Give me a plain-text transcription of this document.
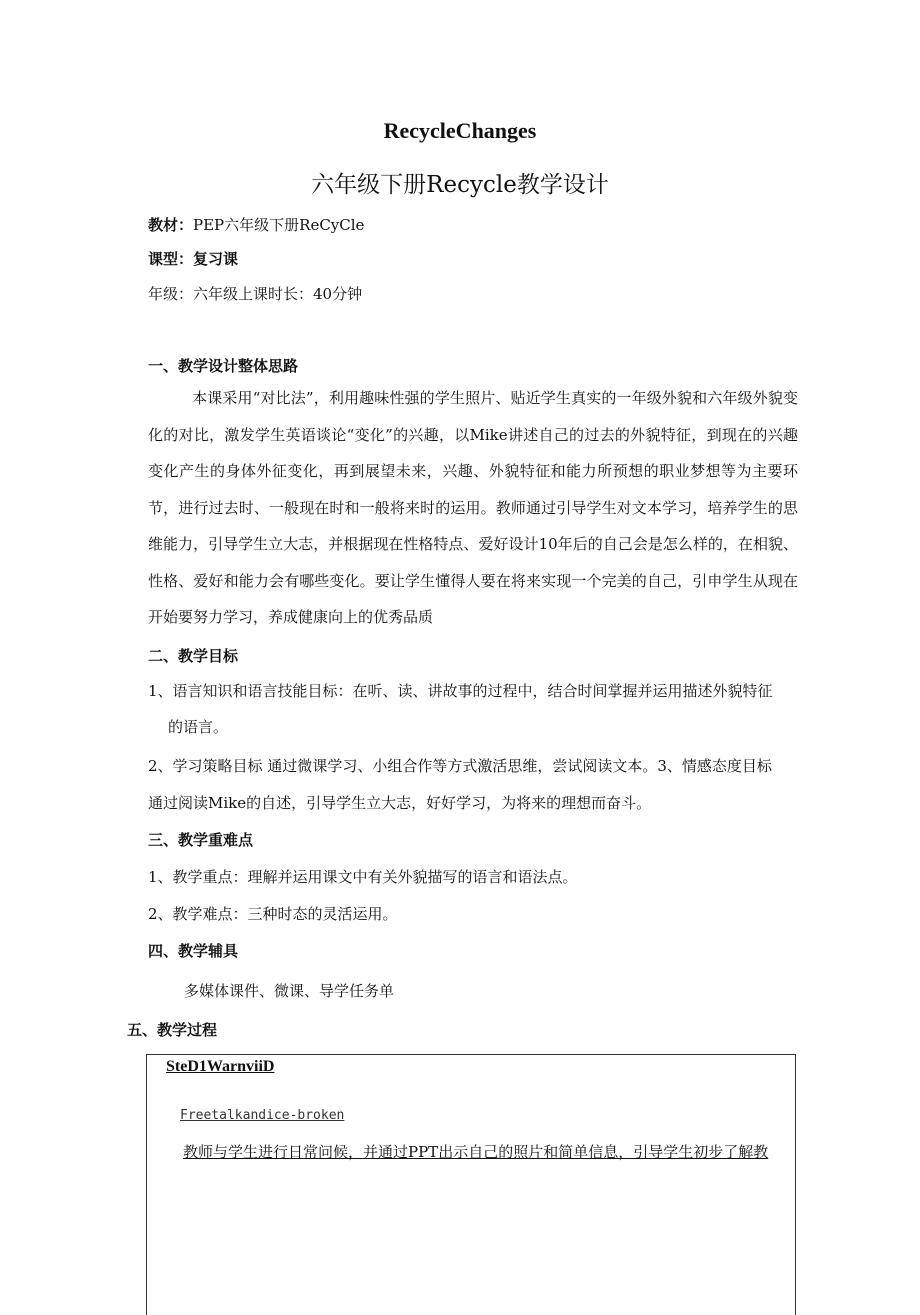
RecycleChanges
六年级下册Recycle教学设计
教材：PEP六年级下册ReCyCle
课型：复习课
年级：六年级上课时长：40分钟
一、教学设计整体思路
本课采用“对比法”，利用趣味性强的学生照片、贴近学生真实的一年级外貌和六年级外貌变化的对比，激发学生英语谈论“变化”的兴趣，以Mike讲述自己的过去的外貌特征，到现在的兴趣变化产生的身体外征变化，再到展望未来，兴趣、外貌特征和能力所预想的职业梦想等为主要环节，进行过去时、一般现在时和一般将来时的运用。教师通过引导学生对文本学习，培养学生的思维能力，引导学生立大志，并根据现在性格特点、爱好设计10年后的自己会是怎么样的，在相貌、性格、爱好和能力会有哪些变化。要让学生懂得人要在将来实现一个完美的自己，引申学生从现在开始要努力学习，养成健康向上的优秀品质
二、教学目标
1、语言知识和语言技能目标：在听、读、讲故事的过程中，结合时间掌握并运用描述外貌特征
的语言。
2、学习策略目标 通过微课学习、小组合作等方式激活思维，尝试阅读文本。3、情感态度目标
通过阅读Mike的自述，引导学生立大志，好好学习，为将来的理想而奋斗。
三、教学重难点
1、教学重点：理解并运用课文中有关外貌描写的语言和语法点。
2、教学难点：三种时态的灵活运用。
四、教学辅具
多媒体课件、微课、导学任务单
五、教学过程
SteD1WarnviiD
Freetalkandice-broken
教师与学生进行日常问候，并通过PPT出示自己的照片和简单信息，引导学生初步了解教
